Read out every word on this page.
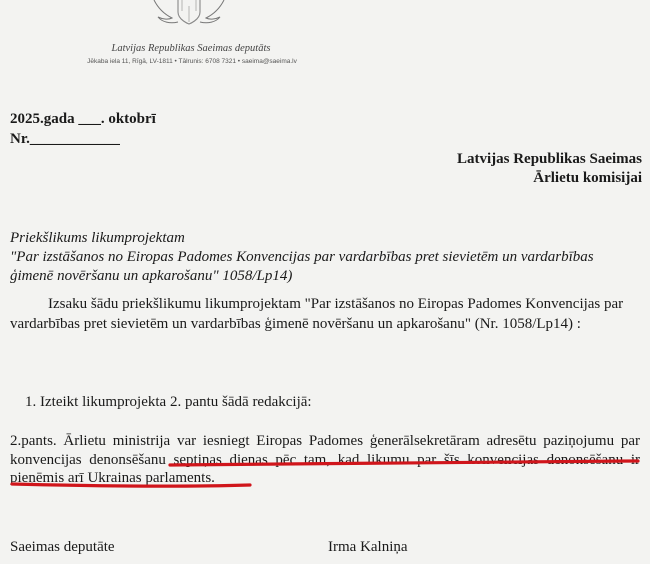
Latvijas Republikas Saeimas deputāts
Jēkaba iela 11, Rīgā, LV-1811 • Tālrunis: 6708 7321 • saeima@saeima.lv
2025.gada ___. oktobrī
Nr.____________
Latvijas Republikas Saeimas
Ārlietu komisijai
Priekšlikums likumprojektam
"Par izstāšanos no Eiropas Padomes Konvencijas par vardarbības pret sievietēm un vardarbības ģimenē novēršanu un apkarošanu" 1058/Lp14)
Izsaku šādu priekšlikumu likumprojektam "Par izstāšanos no Eiropas Padomes Konvencijas par vardarbības pret sievietēm un vardarbības ģimenē novēršanu un apkarošanu" (Nr. 1058/Lp14) :
1. Izteikt likumprojekta 2. pantu šādā redakcijā:
2.pants. Ārlietu ministrija var iesniegt Eiropas Padomes ģenerālsekretāram adresētu paziņojumu par konvencijas denonsēšanu septiņas dienas pēc tam, kad likumu par šīs konvencijas denonsēšanu ir pieņēmis arī Ukrainas parlaments.
Saeimas deputāte	Irma Kalniņa
